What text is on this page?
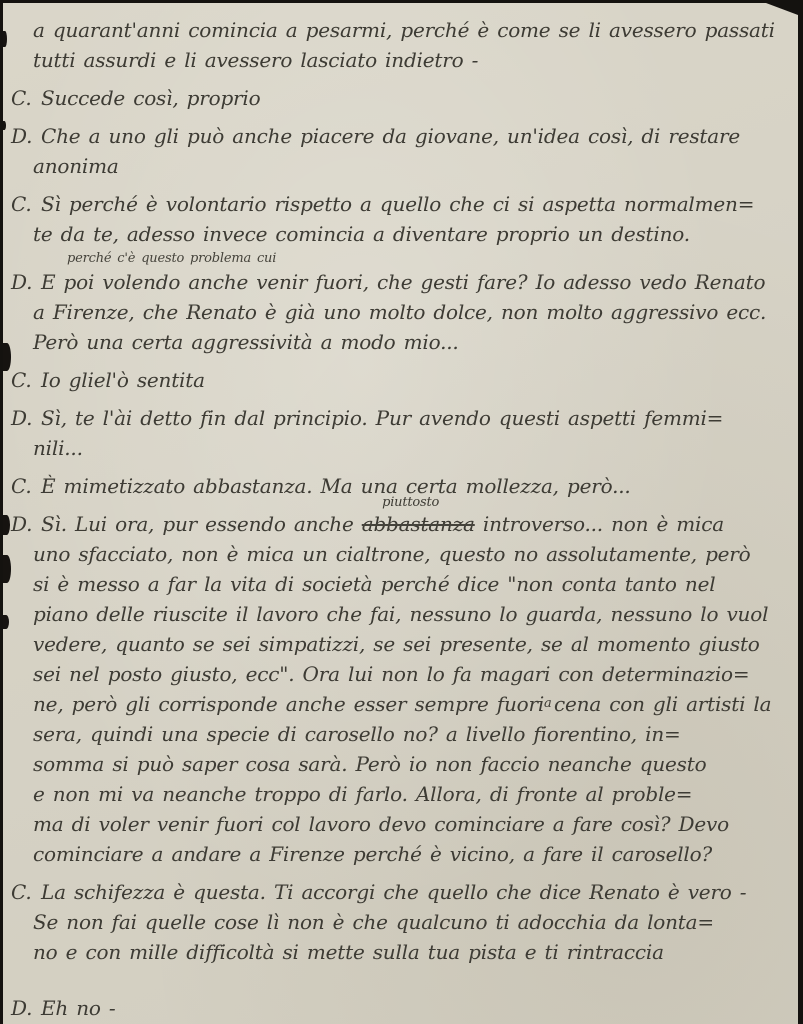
a quarant'anni comincia a pesarmi, perché è come se li avessero passati
tutti assurdi e li avessero lasciato indietro -
C. Succede così, proprio
D. Che a uno gli può anche piacere da giovane, un'idea così, di restare
anonima
C. Sì perché è volontario rispetto a quello che ci si aspetta normalmen=
te da te, adesso invece comincia a diventare proprio un destino.
perché c'è questo problema cui
D. E poi volendo anche venir fuori, che gesti fare? Io adesso vedo Renato
a Firenze, che Renato è già uno molto dolce, non molto aggressivo ecc.
Però una certa aggressività a modo mio...
C. Io gliel'ò sentita
D. Sì, te l'ài detto fin dal principio. Pur avendo questi aspetti femmi=
nili...
C. È mimetizzato abbastanza. Ma una certa mollezza, però...
D. Sì. Lui ora, pur essendo anche abbastanza
piuttosto
introverso... non è mica
uno sfacciato, non è mica un cialtrone, questo no assolutamente, però
si è messo a far la vita di società perché dice "non conta tanto nel
piano delle riuscite il lavoro che fai, nessuno lo guarda, nessuno lo vuol
vedere, quanto se sei simpatizzi, se sei presente, se al momento giusto
sei nel posto giusto, ecc". Ora lui non lo fa magari con determinazio=
ne, però gli corrisponde anche esser sempre fuori a cena con gli artisti la
sera, quindi una specie di carosello no? a livello fiorentino, in=
somma si può saper cosa sarà. Però io non faccio neanche questo
e non mi va neanche troppo di farlo. Allora, di fronte al proble=
ma di voler venir fuori col lavoro devo cominciare a fare così? Devo
cominciare a andare a Firenze perché è vicino, a fare il carosello?
C. La schifezza è questa. Ti accorgi che quello che dice Renato è vero -
Se non fai quelle cose lì non è che qualcuno ti adocchia da lonta=
no e con mille difficoltà si mette sulla tua pista e ti rintraccia
D. Eh no -
